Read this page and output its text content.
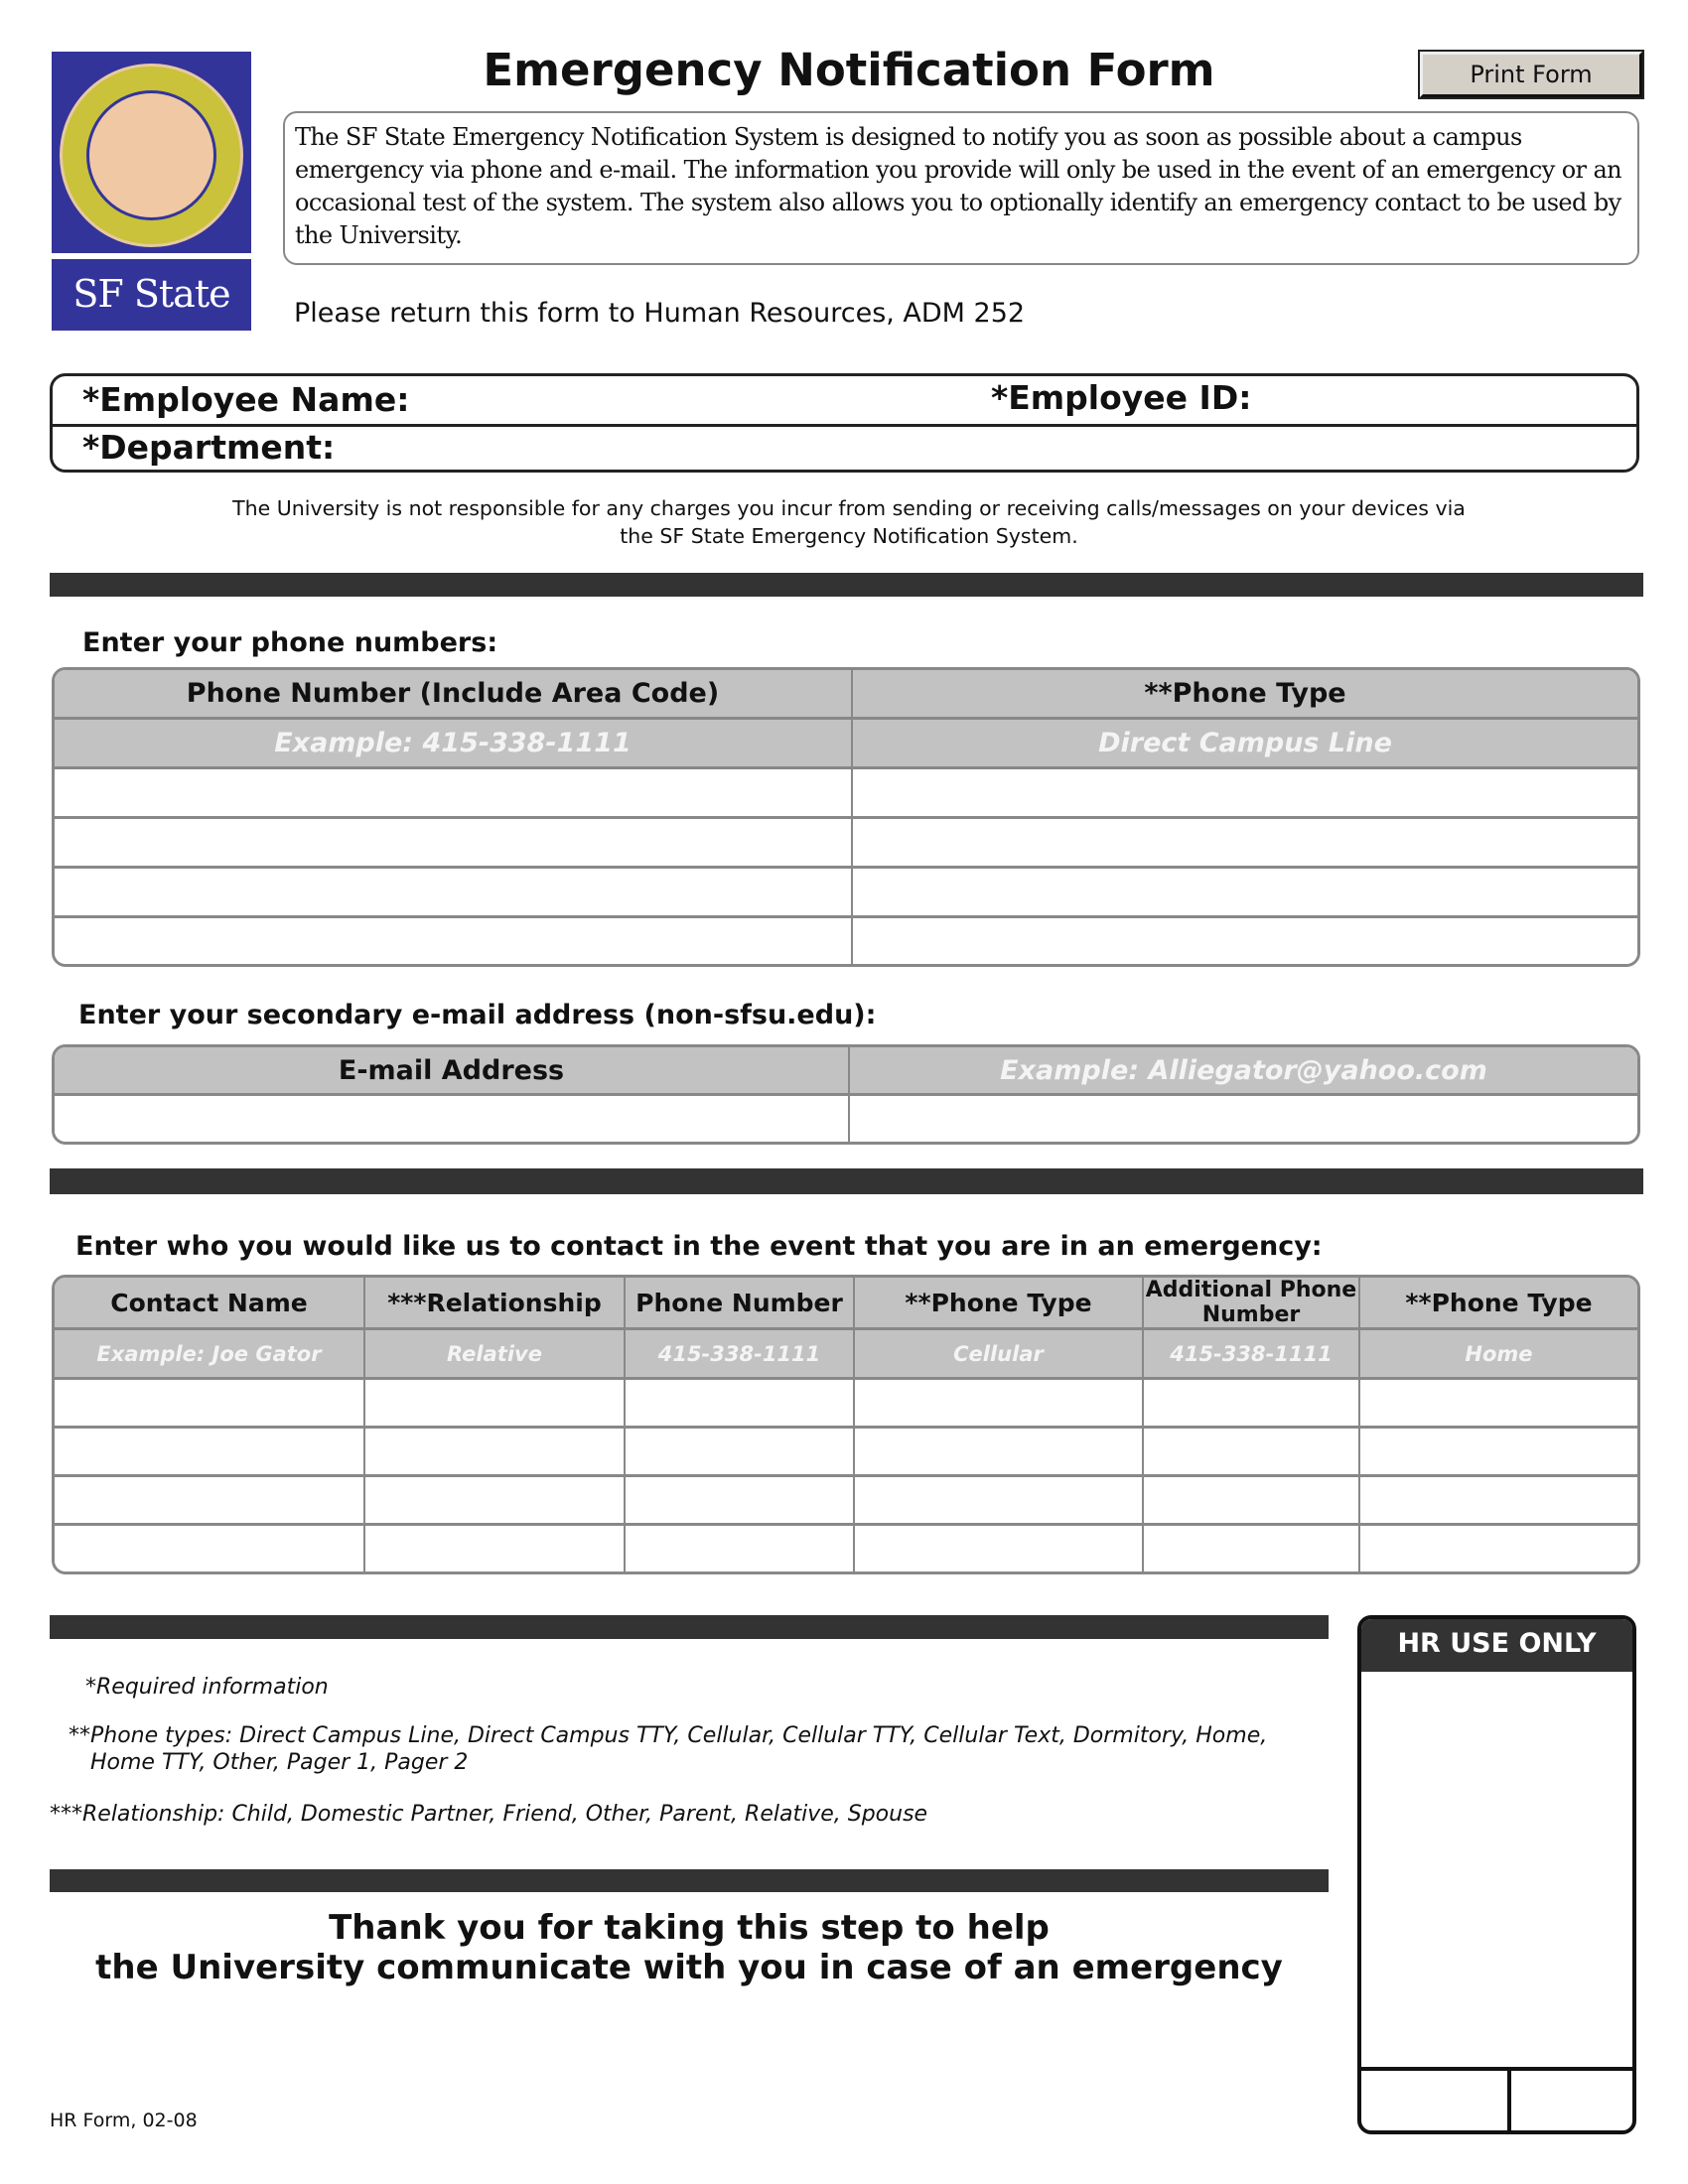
SF State
Emergency Notification Form	Print Form
The SF State Emergency Notification System is designed to notify you as soon as possible about a campus emergency via phone and e-mail. The information you provide will only be used in the event of an emergency or an occasional test of the system. The system also allows you to optionally identify an emergency contact to be used by the University.
Please return this form to Human Resources, ADM 252
*Employee Name:	*Employee ID:
*Department:
The University is not responsible for any charges you incur from sending or receiving calls/messages on your devices via
the SF State Emergency Notification System.
Enter your phone numbers:
Phone Number (Include Area Code)	**Phone Type
Example: 415-338-1111	Direct Campus Line

Enter your secondary e-mail address (non-sfsu.edu):
E-mail Address	Example: Alliegator@yahoo.com

Enter who you would like us to contact in the event that you are in an emergency:
Contact Name	***Relationship	Phone Number	**Phone Type	Additional Phone Number	**Phone Type
Example: Joe Gator	Relative	415-338-1111	Cellular	415-338-1111	Home

HR USE ONLY
*Required information
**Phone types: Direct Campus Line, Direct Campus TTY, Cellular, Cellular TTY, Cellular Text, Dormitory, Home,
Home TTY, Other, Pager 1, Pager 2
***Relationship: Child, Domestic Partner, Friend, Other, Parent, Relative, Spouse
Thank you for taking this step to help
the University communicate with you in case of an emergency
HR Form, 02-08
